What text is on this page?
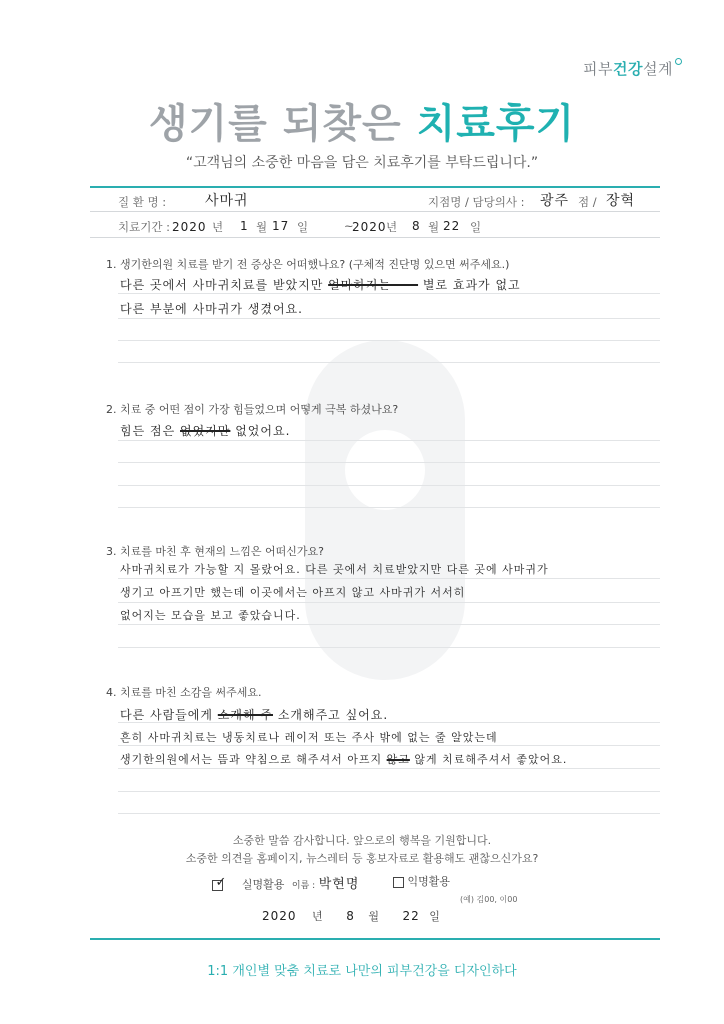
피부건강설계
생기를 되찾은 치료후기
“고객님의 소중한 마음을 담은 치료후기를 부탁드립니다.”
질 환 명 :	사마귀	지점명 / 담당의사 : 광주 점 / 장혁
치료기간 : 2020 년 1 월 17 일	~
2020 년 8 월 22 일
1. 생기한의원 치료를 받기 전 증상은 어떠했나요? (구체적 진단명 있으면 써주세요.)
다른 곳에서 사마귀치료를 받았지만 얼마하지는 ~~ 별로 효과가 없고
다른 부분에 사마귀가 생겼어요.
2. 치료 중 어떤 점이 가장 힘들었으며 어떻게 극복 하셨나요?
힘든 점은 없었지만 없었어요.
3. 치료를 마친 후 현재의 느낌은 어떠신가요?
사마귀치료가 가능할 지 몰랐어요. 다른 곳에서 치료받았지만 다른 곳에 사마귀가
생기고 아프기만 했는데 이곳에서는 아프지 않고 사마귀가 서서히
없어지는 모습을 보고 좋았습니다.
4. 치료를 마친 소감을 써주세요.
다른 사람들에게 소개해 주 소개해주고 싶어요.
흔히 사마귀치료는 냉동치료나 레이저 또는 주사 밖에 없는 줄 알았는데
생기한의원에서는 뜸과 약침으로 해주셔서 아프지 않고 않게 치료해주셔서 좋았어요.
소중한 말씀 감사합니다. 앞으로의 행복을 기원합니다.
소중한 의견을 홈페이지, 뉴스레터 등 홍보자료로 활용해도 괜찮으신가요?
✓ 실명활용 이름 : 박현명	익명활용
(예) 김00, 이00
2020 년 8 월 22 일
1:1 개인별 맞춤 치료로 나만의 피부건강을 디자인하다
